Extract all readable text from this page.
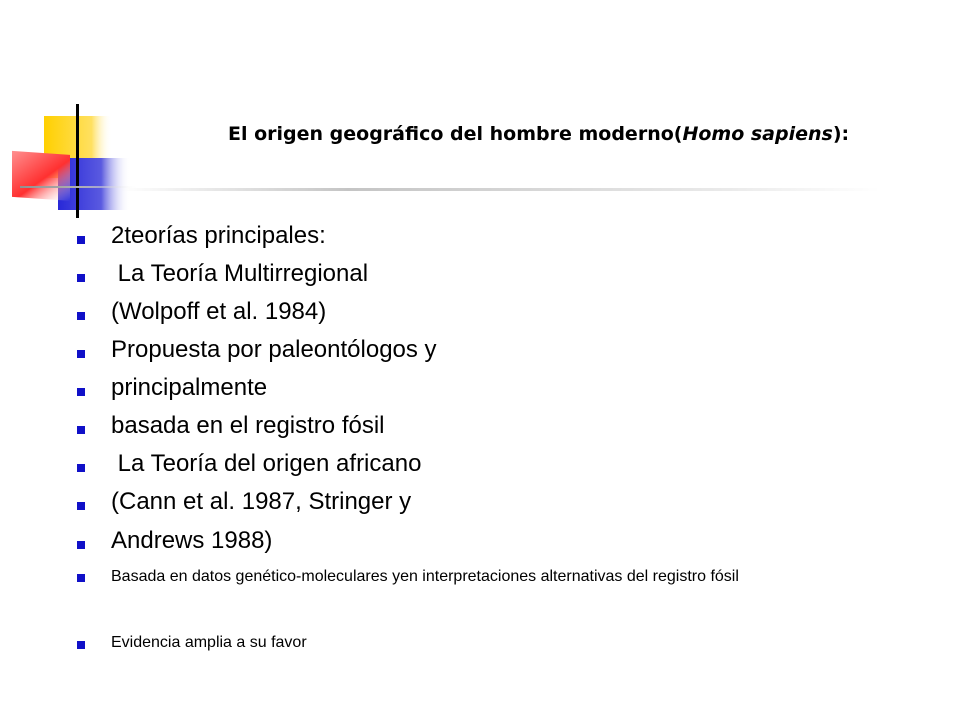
El origen geográfico del hombre moderno(Homo sapiens):
2teorías principales:
La Teoría Multirregional
(Wolpoff et al. 1984)
Propuesta por paleontólogos y
principalmente
basada en el registro fósil
La Teoría del origen africano
(Cann et al. 1987, Stringer y
Andrews 1988)
Basada en datos genético-moleculares yen interpretaciones alternativas del registro fósil
Evidencia amplia a su favor
